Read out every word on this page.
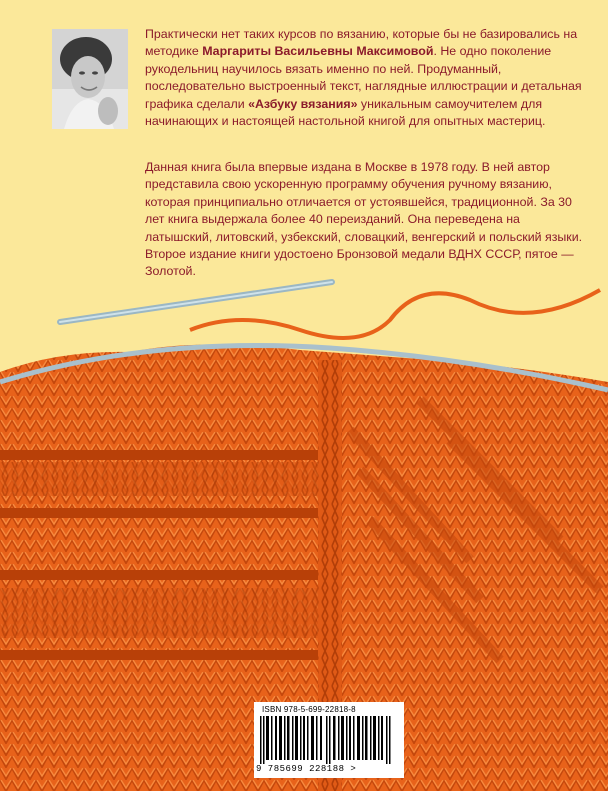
Практически нет таких курсов по вязанию, которые бы не базировались на методике Маргариты Васильевны Максимовой. Не одно поколение рукодельниц научилось вязать именно по ней. Продуманный, последовательно выстроенный текст, наглядные иллюстрации и детальная графика сделали «Азбуку вязания» уникальным самоучителем для начинающих и настоящей настольной книгой для опытных мастериц.
Данная книга была впервые издана в Москве в 1978 году. В ней автор представила свою ускоренную программу обучения ручному вязанию, которая принципиально отличается от устоявшейся, традиционной. За 30 лет книга выдержала более 40 переизданий. Она переведена на латышский, литовский, узбекский, словацкий, венгерский и польский языки. Второе издание книги удостоено Бронзовой медали ВДНХ СССР, пятое — Золотой.
ISBN 978-5-699-22818-8
9 785699 228188 >
